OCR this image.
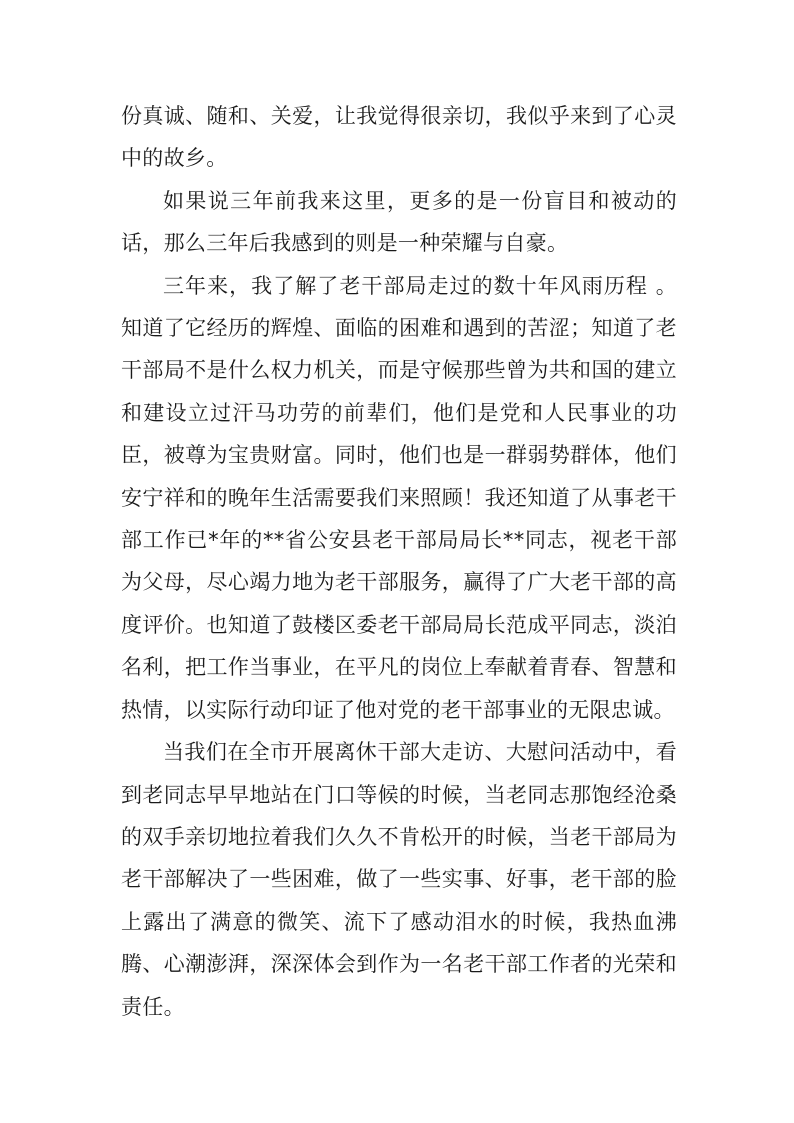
份真诚、随和、关爱，让我觉得很亲切，我似乎来到了心灵中的故乡。

如果说三年前我来这里，更多的是一份盲目和被动的话，那么三年后我感到的则是一种荣耀与自豪。

三年来，我了解了老干部局走过的数十年风雨历程 。知道了它经历的辉煌、面临的困难和遇到的苦涩；知道了老干部局不是什么权力机关，而是守候那些曾为共和国的建立和建设立过汗马功劳的前辈们，他们是党和人民事业的功臣，被尊为宝贵财富。同时，他们也是一群弱势群体，他们安宁祥和的晚年生活需要我们来照顾！我还知道了从事老干部工作已*年的**省公安县老干部局局长**同志，视老干部为父母，尽心竭力地为老干部服务，赢得了广大老干部的高度评价。也知道了鼓楼区委老干部局局长范成平同志，淡泊名利，把工作当事业，在平凡的岗位上奉献着青春、智慧和热情，以实际行动印证了他对党的老干部事业的无限忠诚。

当我们在全市开展离休干部大走访、大慰问活动中，看到老同志早早地站在门口等候的时候，当老同志那饱经沧桑的双手亲切地拉着我们久久不肯松开的时候，当老干部局为老干部解决了一些困难，做了一些实事、好事，老干部的脸上露出了满意的微笑、流下了感动泪水的时候，我热血沸腾、心潮澎湃，深深体会到作为一名老干部工作者的光荣和责任。
